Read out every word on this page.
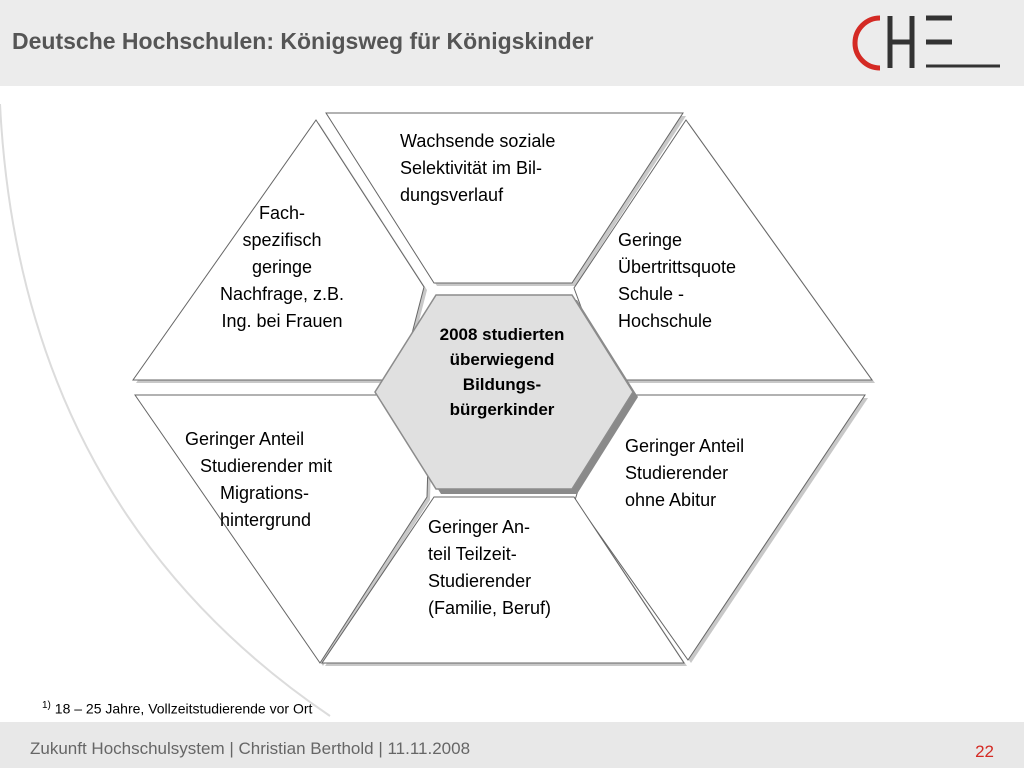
Deutsche Hochschulen: Königsweg für Königskinder
Wachsende soziale
Selektivität im Bil-
dungsverlauf
Geringe
Übertrittsquote
Schule -
Hochschule
Geringer Anteil
Studierender
ohne Abitur
Geringer An-
teil Teilzeit-
Studierender
(Familie, Beruf)
Geringer Anteil
Studierender mit
Migrations-
hintergrund
Fach-
spezifisch
geringe
Nachfrage, z.B.
Ing. bei Frauen
2008 studierten
überwiegend
Bildungs-
bürgerkinder
$^{1)}$ 18 – 25 Jahre, Vollzeitstudierende vor Ort
Zukunft Hochschulsystem | Christian Berthold | 11.11.2008	22
